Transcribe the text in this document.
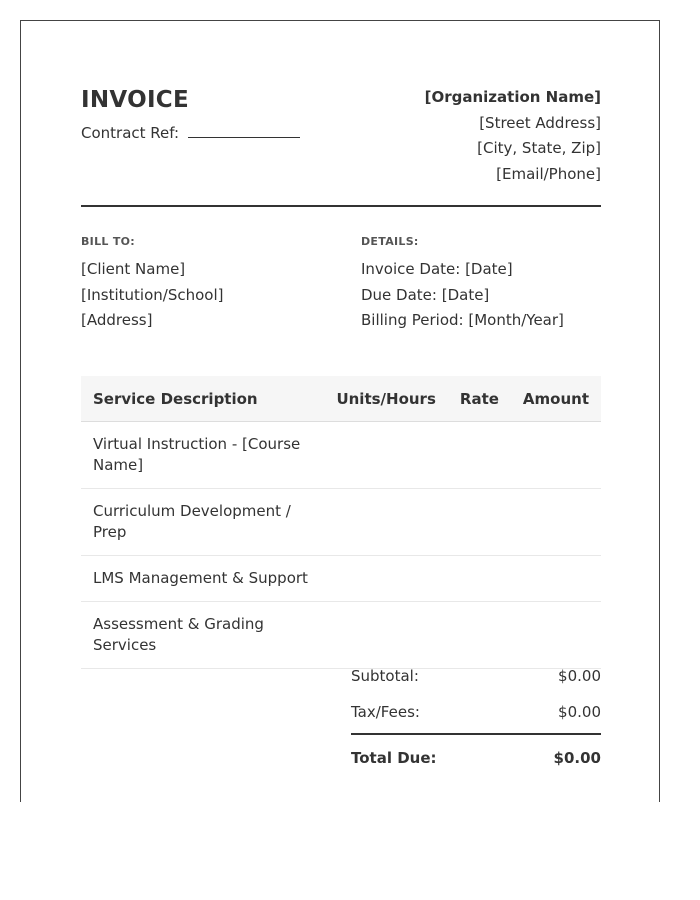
INVOICE
Contract Ref:
[Organization Name]
[Street Address]
[City, State, Zip]
[Email/Phone]
BILL TO:
[Client Name]
[Institution/School]
[Address]
DETAILS:
Invoice Date: [Date]
Due Date: [Date]
Billing Period: [Month/Year]
Service Description	Units/Hours	Rate	Amount
Virtual Instruction - [Course Name]			
Curriculum Development / Prep			
LMS Management & Support			
Assessment & Grading Services			
Subtotal:	$0.00
Tax/Fees:	$0.00
Total Due:	$0.00
